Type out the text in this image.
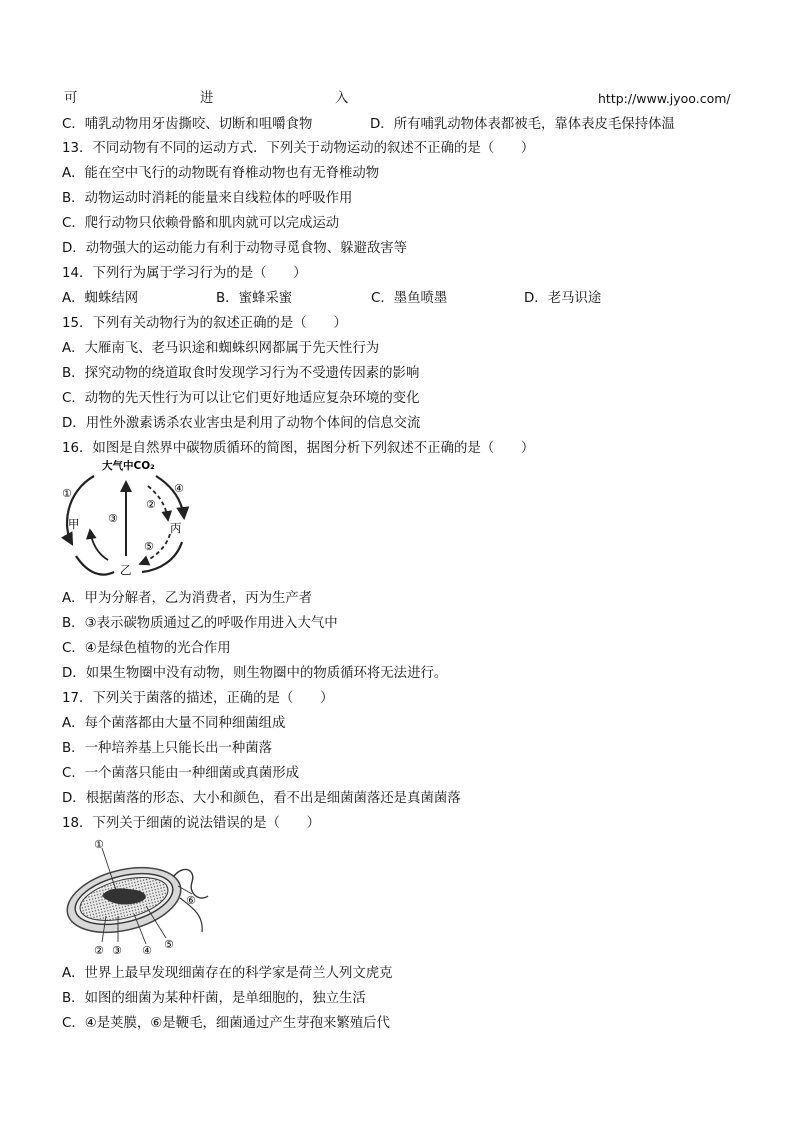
可	进	入	http://www.jyoo.com/
C．哺乳动物用牙齿撕咬、切断和咀嚼食物	D．所有哺乳动物体表都被毛，靠体表皮毛保持体温
13．不同动物有不同的运动方式．下列关于动物运动的叙述不正确的是（　　）
A．能在空中飞行的动物既有脊椎动物也有无脊椎动物
B．动物运动时消耗的能量来自线粒体的呼吸作用
C．爬行动物只依赖骨骼和肌肉就可以完成运动
D．动物强大的运动能力有利于动物寻觅食物、躲避敌害等
14．下列行为属于学习行为的是（　　）
A．蜘蛛结网	B．蜜蜂采蜜	C．墨鱼喷墨	D．老马识途
15．下列有关动物行为的叙述正确的是（　　）
A．大雁南飞、老马识途和蜘蛛织网都属于先天性行为
B．探究动物的绕道取食时发现学习行为不受遗传因素的影响
C．动物的先天性行为可以让它们更好地适应复杂环境的变化
D．用性外激素诱杀农业害虫是利用了动物个体间的信息交流
16．如图是自然界中碳物质循环的简图，据图分析下列叙述不正确的是（　　）
大气中CO₂
①
甲	③
②
④
丙
⑤
乙
A．甲为分解者，乙为消费者，丙为生产者
B．③表示碳物质通过乙的呼吸作用进入大气中
C．④是绿色植物的光合作用
D．如果生物圈中没有动物，则生物圈中的物质循环将无法进行。
17．下列关于菌落的描述，正确的是（　　）
A．每个菌落都由大量不同种细菌组成
B．一种培养基上只能长出一种菌落
C．一个菌落只能由一种细菌或真菌形成
D．根据菌落的形态、大小和颜色，看不出是细菌菌落还是真菌菌落
18．下列关于细菌的说法错误的是（　　）
①
⑥
② ③ ④ ⑤
A．世界上最早发现细菌存在的科学家是荷兰人列文虎克
B．如图的细菌为某种杆菌，是单细胞的，独立生活
C．④是荚膜，⑥是鞭毛，细菌通过产生芽孢来繁殖后代
